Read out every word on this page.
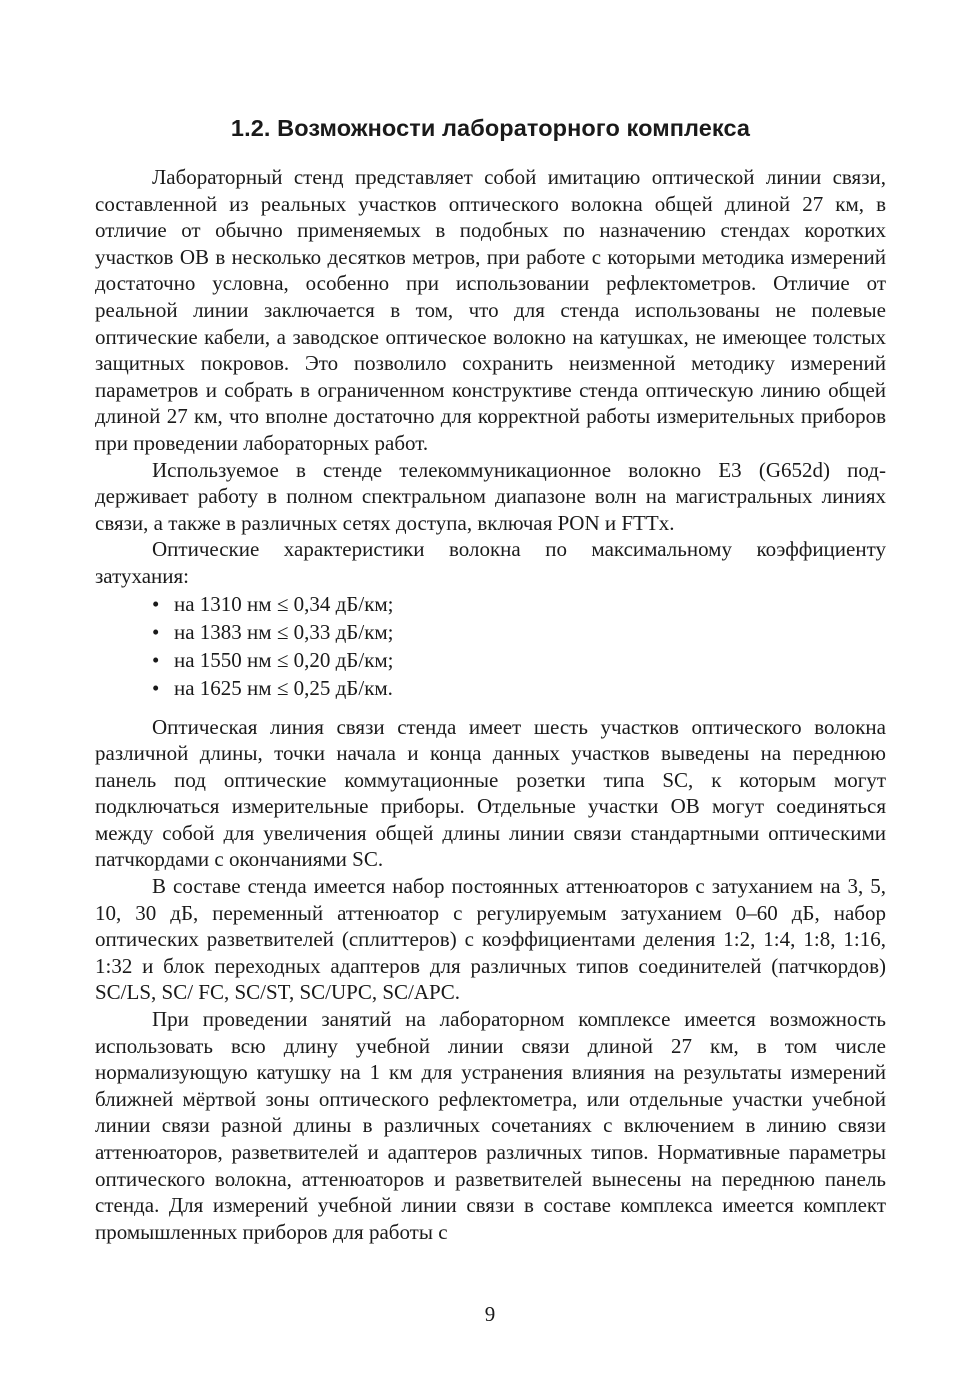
1.2. Возможности лабораторного комплекса

Лабораторный стенд представляет собой имитацию оптической линии связи, составленной из реальных участков оптического волокна общей длиной 27 км, в отличие от обычно применяемых в подобных по назначению стендах коротких участков ОВ в несколько десятков метров, при работе с которыми методика измерений достаточно условна, особенно при использовании рефлектометров. Отличие от реальной линии заключается в том, что для стенда использованы не полевые оптические кабели, а заводское оптическое волокно на катушках, не имеющее толстых защитных покровов. Это позволило сохранить неизменной методику измерений параметров и собрать в ограниченном конструктиве стенда оптическую линию общей длиной 27 км, что вполне достаточно для корректной работы измерительных приборов при проведении лабораторных работ.

Используемое в стенде телекоммуникационное волокно Е3 (G652d) поддерживает работу в полном спектральном диапазоне волн на магистральных линиях связи, а также в различных сетях доступа, включая PON и FTTx.

Оптические характеристики волокна по максимальному коэффициенту затухания:

• на 1310 нм ≤ 0,34 дБ/км;
• на 1383 нм ≤ 0,33 дБ/км;
• на 1550 нм ≤ 0,20 дБ/км;
• на 1625 нм ≤ 0,25 дБ/км.

Оптическая линия связи стенда имеет шесть участков оптического волокна различной длины, точки начала и конца данных участков выведены на переднюю панель под оптические коммутационные розетки типа SC, к которым могут подключаться измерительные приборы. Отдельные участки ОВ могут соединяться между собой для увеличения общей длины линии связи стандартными оптическими патчкордами с окончаниями SC.

В составе стенда имеется набор постоянных аттенюаторов с затуханием на 3, 5, 10, 30 дБ, переменный аттенюатор с регулируемым затуханием 0–60 дБ, набор оптических разветвителей (сплиттеров) с коэффициентами деления 1:2, 1:4, 1:8, 1:16, 1:32 и блок переходных адаптеров для различных типов соединителей (патчкордов) SC/LS, SC/ FC, SC/ST, SC/UPC, SC/APC.

При проведении занятий на лабораторном комплексе имеется возможность использовать всю длину учебной линии связи длиной 27 км, в том числе нормализующую катушку на 1 км для устранения влияния на результаты измерений ближней мёртвой зоны оптического рефлектометра, или отдельные участки учебной линии связи разной длины в различных сочетаниях с включением в линию связи аттенюаторов, разветвителей и адаптеров различных типов. Нормативные параметры оптического волокна, аттенюаторов и разветвителей вынесены на переднюю панель стенда. Для измерений учебной линии связи в составе комплекса имеется комплект промышленных приборов для работы с

9
